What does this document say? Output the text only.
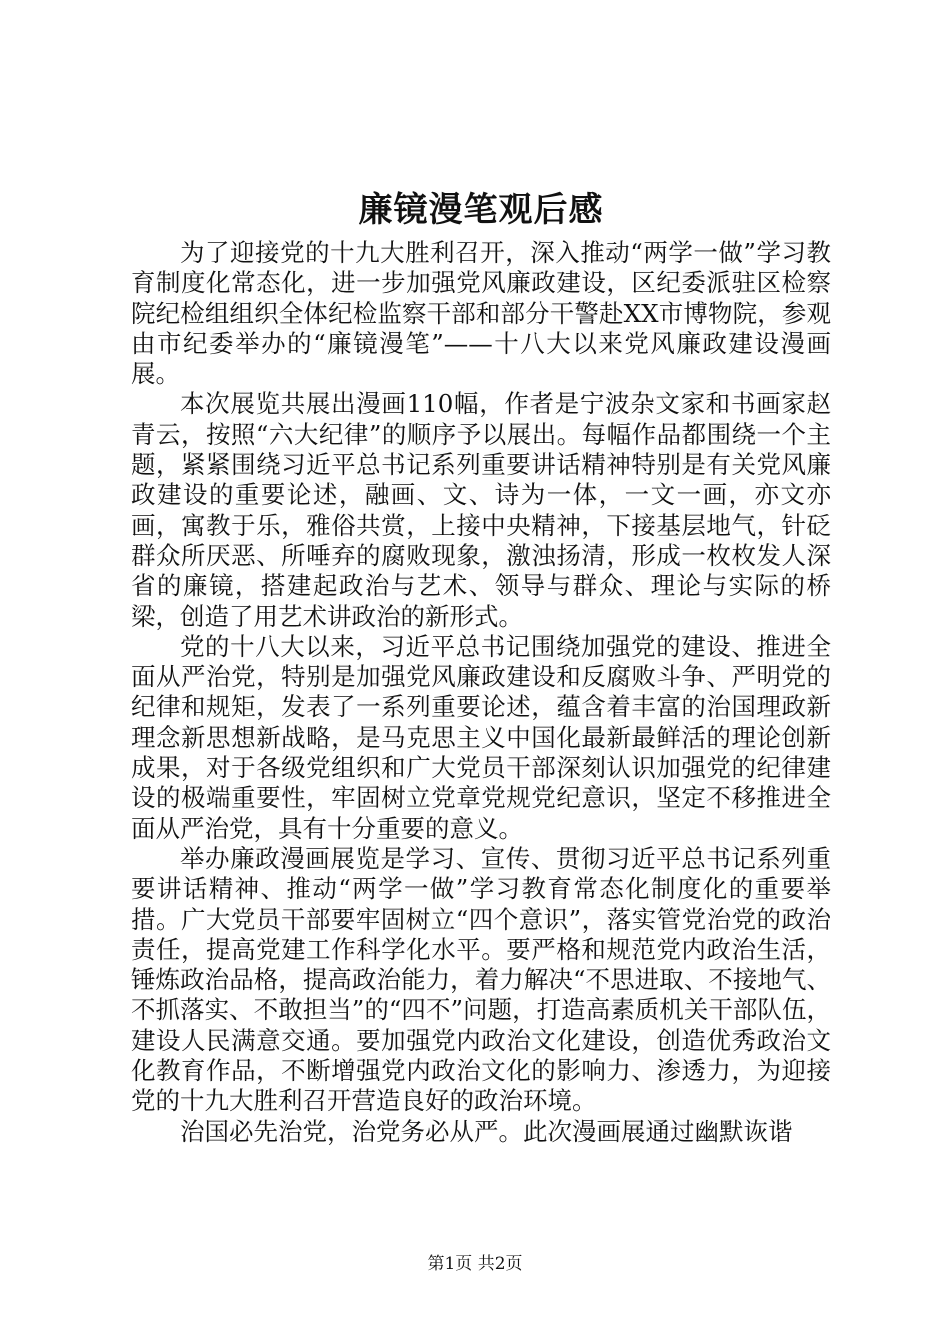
廉镜漫笔观后感

为了迎接党的十九大胜利召开，深入推动“两学一做”学习教育制度化常态化，进一步加强党风廉政建设，区纪委派驻区检察院纪检组组织全体纪检监察干部和部分干警赴XX市博物院，参观由市纪委举办的“廉镜漫笔”——十八大以来党风廉政建设漫画展。

本次展览共展出漫画110幅，作者是宁波杂文家和书画家赵青云，按照“六大纪律”的顺序予以展出。每幅作品都围绕一个主题，紧紧围绕习近平总书记系列重要讲话精神特别是有关党风廉政建设的重要论述，融画、文、诗为一体，一文一画，亦文亦画，寓教于乐，雅俗共赏，上接中央精神，下接基层地气，针砭群众所厌恶、所唾弃的腐败现象，激浊扬清，形成一枚枚发人深省的廉镜，搭建起政治与艺术、领导与群众、理论与实际的桥梁，创造了用艺术讲政治的新形式。

党的十八大以来，习近平总书记围绕加强党的建设、推进全面从严治党，特别是加强党风廉政建设和反腐败斗争、严明党的纪律和规矩，发表了一系列重要论述，蕴含着丰富的治国理政新理念新思想新战略，是马克思主义中国化最新最鲜活的理论创新成果，对于各级党组织和广大党员干部深刻认识加强党的纪律建设的极端重要性，牢固树立党章党规党纪意识，坚定不移推进全面从严治党，具有十分重要的意义。

举办廉政漫画展览是学习、宣传、贯彻习近平总书记系列重要讲话精神、推动“两学一做”学习教育常态化制度化的重要举措。广大党员干部要牢固树立“四个意识”，落实管党治党的政治责任，提高党建工作科学化水平。要严格和规范党内政治生活，锤炼政治品格，提高政治能力，着力解决“不思进取、不接地气、不抓落实、不敢担当”的“四不”问题，打造高素质机关干部队伍，建设人民满意交通。要加强党内政治文化建设，创造优秀政治文化教育作品，不断增强党内政治文化的影响力、渗透力，为迎接党的十九大胜利召开营造良好的政治环境。

治国必先治党，治党务必从严。此次漫画展通过幽默诙谐

第1页 共2页
